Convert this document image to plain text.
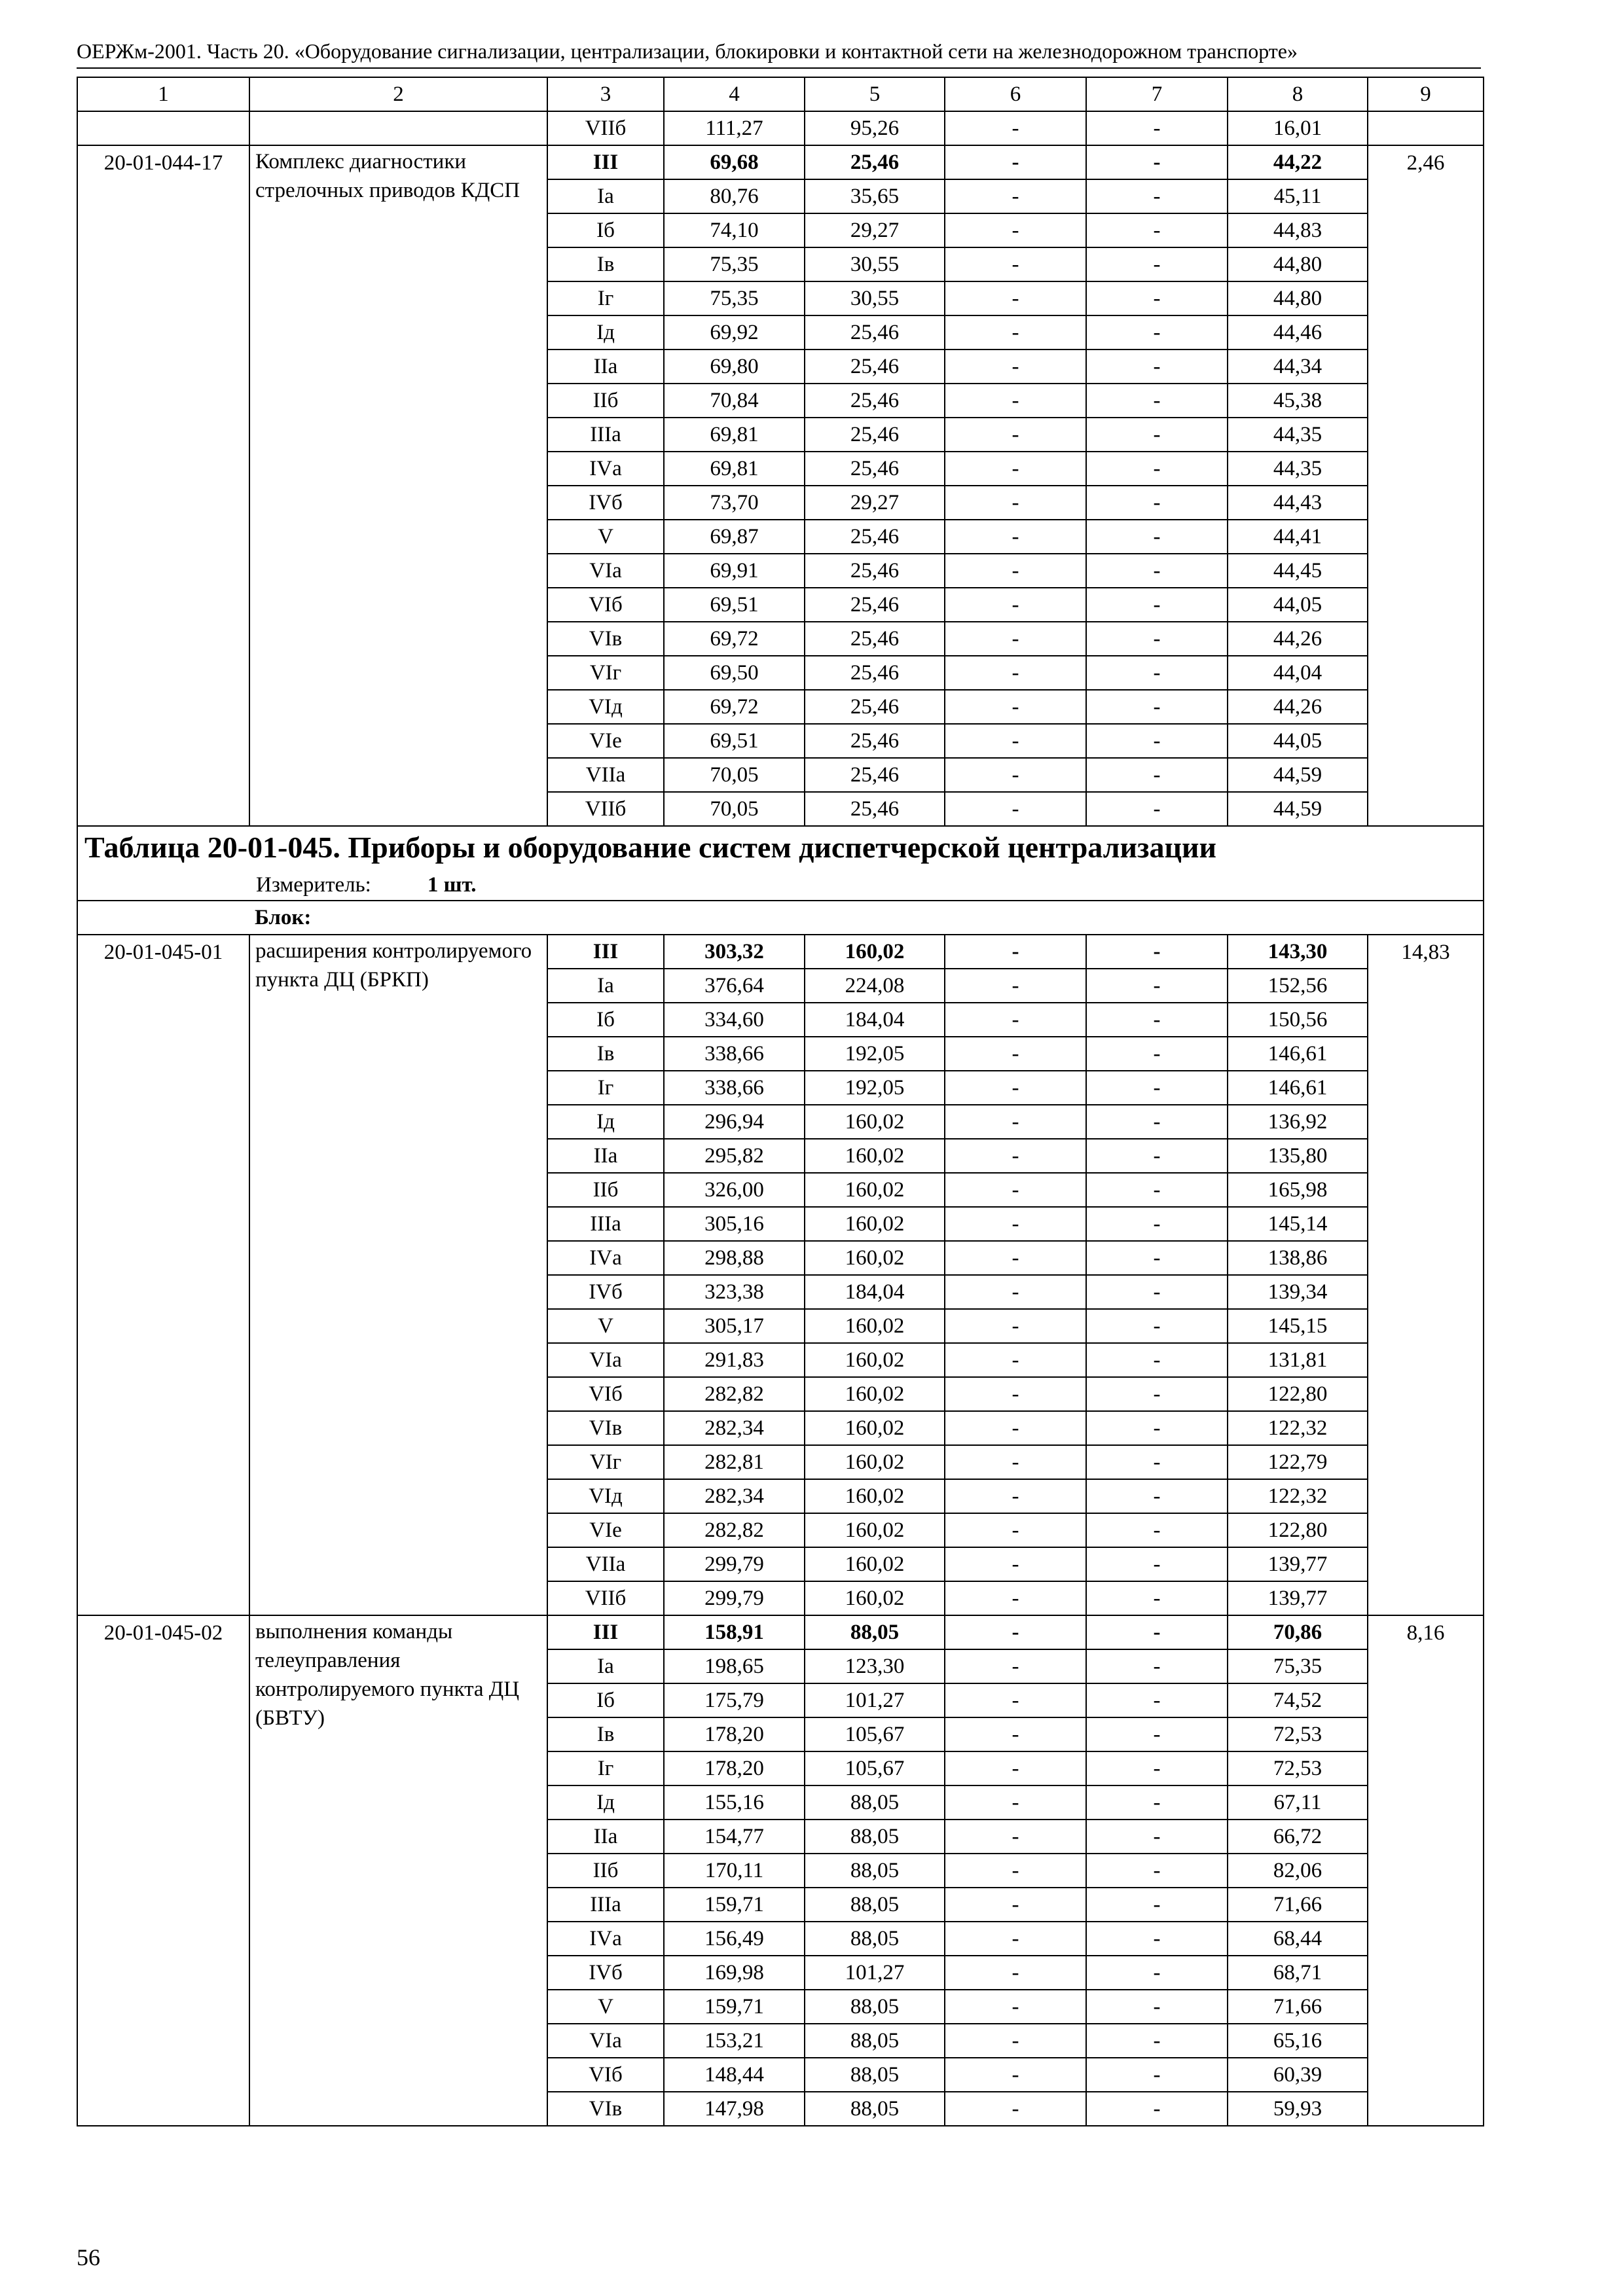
ОЕРЖм-2001. Часть 20. «Оборудование сигнализации, централизации, блокировки и контактной сети на железнодорожном транспорте»
1	2	3	4	5	6	7	8	9
		VIIб	111,27	95,26	-	-	16,01	
20-01-044-17	Комплекс диагностики стрелочных приводов КДСП	III	69,68	25,46	-	-	44,22	2,46
		Iа	80,76	35,65	-	-	45,11	
		Iб	74,10	29,27	-	-	44,83	
		Iв	75,35	30,55	-	-	44,80	
		Iг	75,35	30,55	-	-	44,80	
		Iд	69,92	25,46	-	-	44,46	
		IIа	69,80	25,46	-	-	44,34	
		IIб	70,84	25,46	-	-	45,38	
		IIIа	69,81	25,46	-	-	44,35	
		IVа	69,81	25,46	-	-	44,35	
		IVб	73,70	29,27	-	-	44,43	
		V	69,87	25,46	-	-	44,41	
		VIа	69,91	25,46	-	-	44,45	
		VIб	69,51	25,46	-	-	44,05	
		VIв	69,72	25,46	-	-	44,26	
		VIг	69,50	25,46	-	-	44,04	
		VIд	69,72	25,46	-	-	44,26	
		VIе	69,51	25,46	-	-	44,05	
		VIIа	70,05	25,46	-	-	44,59	
		VIIб	70,05	25,46	-	-	44,59	

Таблица 20-01-045. Приборы и оборудование систем диспетчерской централизации
Измеритель: 1 шт.								

Блок:								
20-01-045-01	расширения контролируемого пункта ДЦ (БРКП)	III	303,32	160,02	-	-	143,30	14,83
		Iа	376,64	224,08	-	-	152,56	
		Iб	334,60	184,04	-	-	150,56	
		Iв	338,66	192,05	-	-	146,61	
		Iг	338,66	192,05	-	-	146,61	
		Iд	296,94	160,02	-	-	136,92	
		IIа	295,82	160,02	-	-	135,80	
		IIб	326,00	160,02	-	-	165,98	
		IIIа	305,16	160,02	-	-	145,14	
		IVа	298,88	160,02	-	-	138,86	
		IVб	323,38	184,04	-	-	139,34	
		V	305,17	160,02	-	-	145,15	
		VIа	291,83	160,02	-	-	131,81	
		VIб	282,82	160,02	-	-	122,80	
		VIв	282,34	160,02	-	-	122,32	
		VIг	282,81	160,02	-	-	122,79	
		VIд	282,34	160,02	-	-	122,32	
		VIе	282,82	160,02	-	-	122,80	
		VIIа	299,79	160,02	-	-	139,77	
		VIIб	299,79	160,02	-	-	139,77	
20-01-045-02	выполнения команды телеуправления контролируемого пункта ДЦ (БВТУ)	III	158,91	88,05	-	-	70,86	8,16
		Iа	198,65	123,30	-	-	75,35	
		Iб	175,79	101,27	-	-	74,52	
		Iв	178,20	105,67	-	-	72,53	
		Iг	178,20	105,67	-	-	72,53	
		Iд	155,16	88,05	-	-	67,11	
		IIа	154,77	88,05	-	-	66,72	
		IIб	170,11	88,05	-	-	82,06	
		IIIа	159,71	88,05	-	-	71,66	
		IVа	156,49	88,05	-	-	68,44	
		IVб	169,98	101,27	-	-	68,71	
		V	159,71	88,05	-	-	71,66	
		VIа	153,21	88,05	-	-	65,16	
		VIб	148,44	88,05	-	-	60,39	
		VIв	147,98	88,05	-	-	59,93	
56
